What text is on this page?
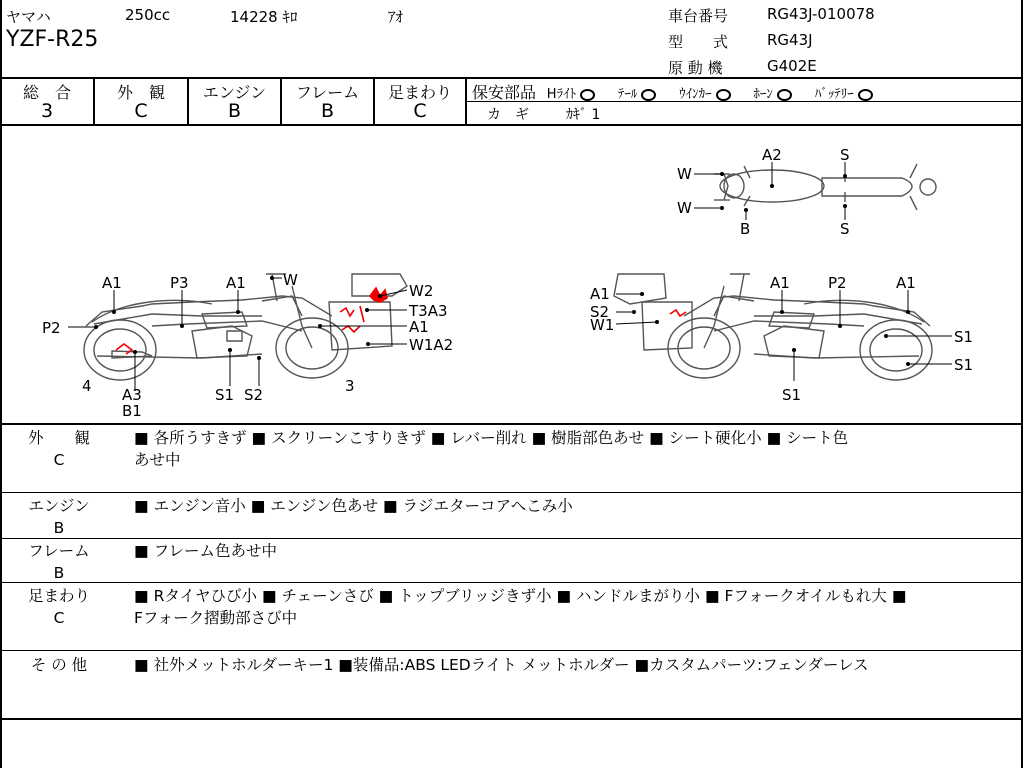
ヤマハ	250cc	14228 ｷﾛ	ｱｵ
YZF-R25
車台番号	RG43J-010078
型　　式	RG43J
原 動 機	G402E
総　合
3
外　観
C
エンジン
B
フレーム
B
足まわり
C
保安部品 Hﾗｲﾄ	ﾃｰﾙ	ｳｲﾝｶｰ	ﾎｰﾝ	ﾊﾞｯﾃﾘｰ
カ　ギ	ｶｷﾞ 1
A1	P3 A1 W
W2
T3A3
A1
W1A2
P2
4 A3
B1
S1 S2	3
A1
S2
W1
A1	P2	A1
S1
S1
S1
A2	S
W
W
B	S
外　　観
C
■ 各所うすきず ■ スクリーンこすりきず ■ レバー削れ ■ 樹脂部色あせ ■ シート硬化小 ■ シート色
あせ中
エンジン
B
■ エンジン音小 ■ エンジン色あせ ■ ラジエターコアへこみ小
フレーム
B
■ フレーム色あせ中
足まわり
C
■ Rタイヤひび小 ■ チェーンさび ■ トップブリッジきず小 ■ ハンドルまがり小 ■ Fフォークオイルもれ大 ■
Fフォーク摺動部さび中
そ の 他	■ 社外メットホルダーキー1 ■装備品:ABS LEDライト メットホルダー ■カスタムパーツ:フェンダーレス
